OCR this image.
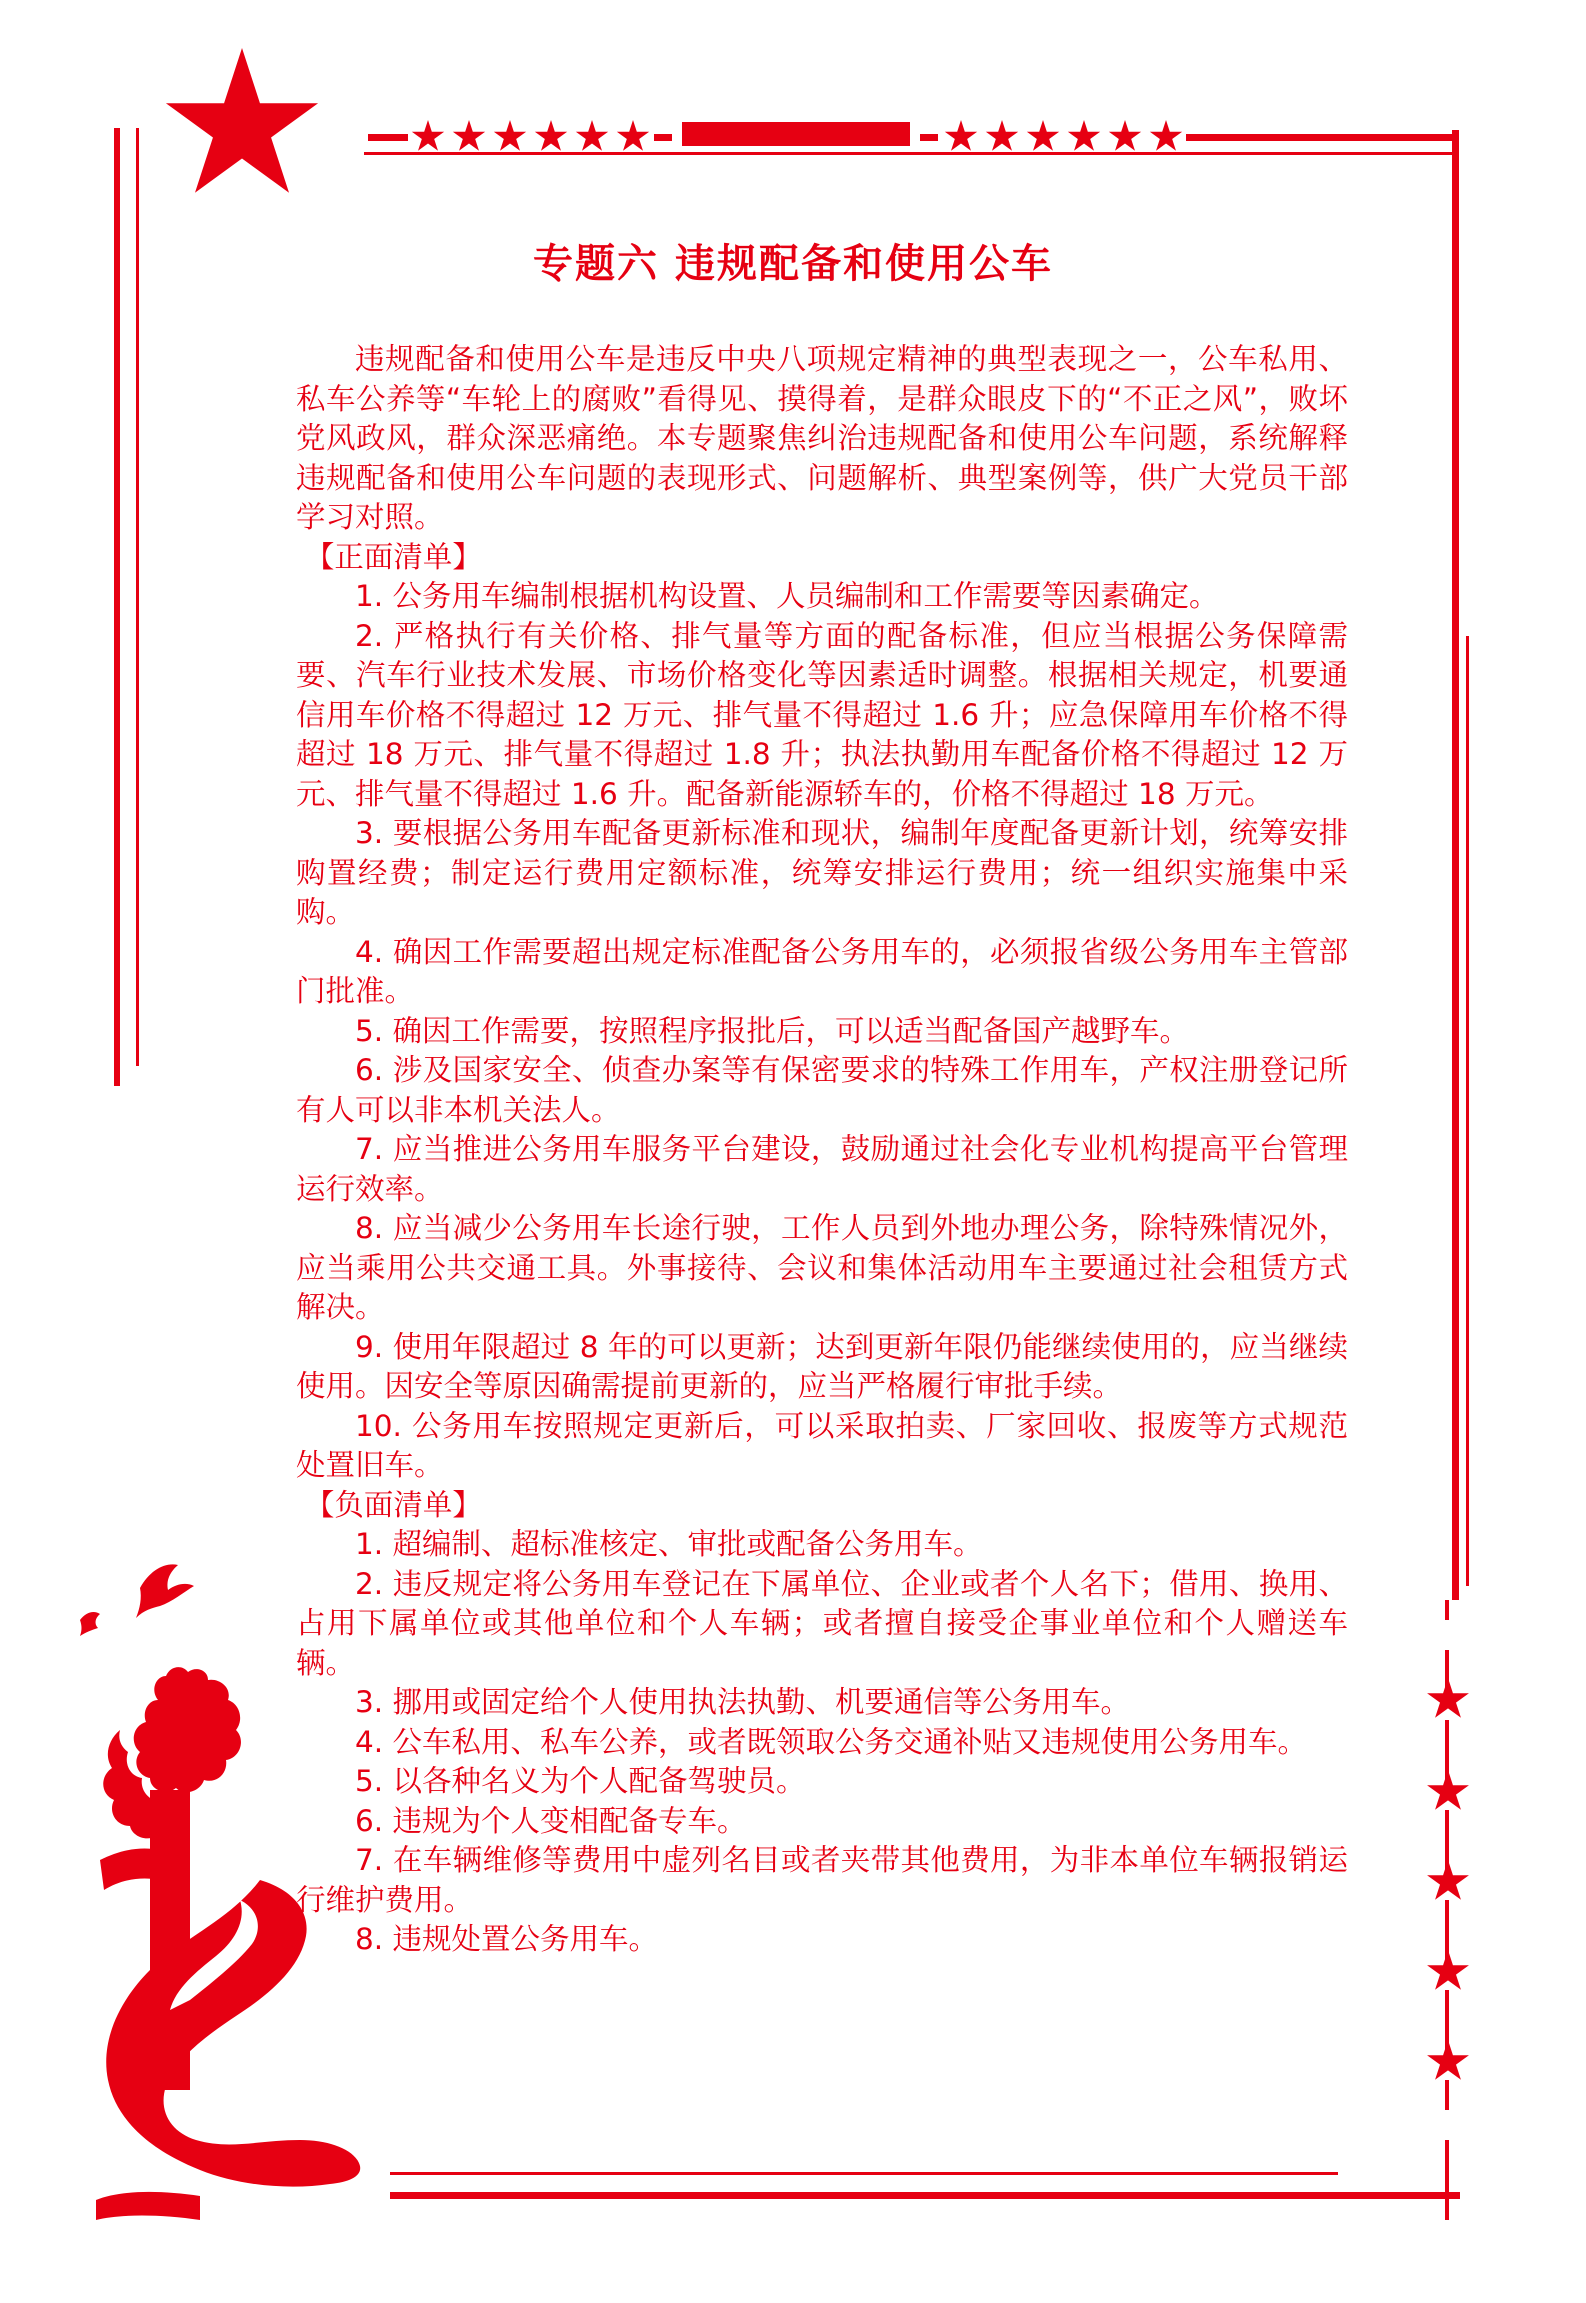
专题六 违规配备和使用公车

违规配备和使用公车是违反中央八项规定精神的典型表现之一，公车私用、私车公养等“车轮上的腐败”看得见、摸得着，是群众眼皮下的“不正之风”，败坏党风政风，群众深恶痛绝。本专题聚焦纠治违规配备和使用公车问题，系统解释违规配备和使用公车问题的表现形式、问题解析、典型案例等，供广大党员干部学习对照。

【正面清单】

1. 公务用车编制根据机构设置、人员编制和工作需要等因素确定。

2. 严格执行有关价格、排气量等方面的配备标准，但应当根据公务保障需要、汽车行业技术发展、市场价格变化等因素适时调整。根据相关规定，机要通信用车价格不得超过 12 万元、排气量不得超过 1.6 升；应急保障用车价格不得超过 18 万元、排气量不得超过 1.8 升；执法执勤用车配备价格不得超过 12 万元、排气量不得超过 1.6 升。配备新能源轿车的，价格不得超过 18 万元。

3. 要根据公务用车配备更新标准和现状，编制年度配备更新计划，统筹安排购置经费；制定运行费用定额标准，统筹安排运行费用；统一组织实施集中采购。

4. 确因工作需要超出规定标准配备公务用车的，必须报省级公务用车主管部门批准。

5. 确因工作需要，按照程序报批后，可以适当配备国产越野车。

6. 涉及国家安全、侦查办案等有保密要求的特殊工作用车，产权注册登记所有人可以非本机关法人。

7. 应当推进公务用车服务平台建设，鼓励通过社会化专业机构提高平台管理运行效率。

8. 应当减少公务用车长途行驶，工作人员到外地办理公务，除特殊情况外，应当乘用公共交通工具。外事接待、会议和集体活动用车主要通过社会租赁方式解决。

9. 使用年限超过 8 年的可以更新；达到更新年限仍能继续使用的，应当继续使用。因安全等原因确需提前更新的，应当严格履行审批手续。

10. 公务用车按照规定更新后，可以采取拍卖、厂家回收、报废等方式规范处置旧车。

【负面清单】

1. 超编制、超标准核定、审批或配备公务用车。

2. 违反规定将公务用车登记在下属单位、企业或者个人名下；借用、换用、占用下属单位或其他单位和个人车辆；或者擅自接受企事业单位和个人赠送车辆。

3. 挪用或固定给个人使用执法执勤、机要通信等公务用车。

4. 公车私用、私车公养，或者既领取公务交通补贴又违规使用公务用车。

5. 以各种名义为个人配备驾驶员。

6. 违规为个人变相配备专车。

7. 在车辆维修等费用中虚列名目或者夹带其他费用，为非本单位车辆报销运行维护费用。

8. 违规处置公务用车。
